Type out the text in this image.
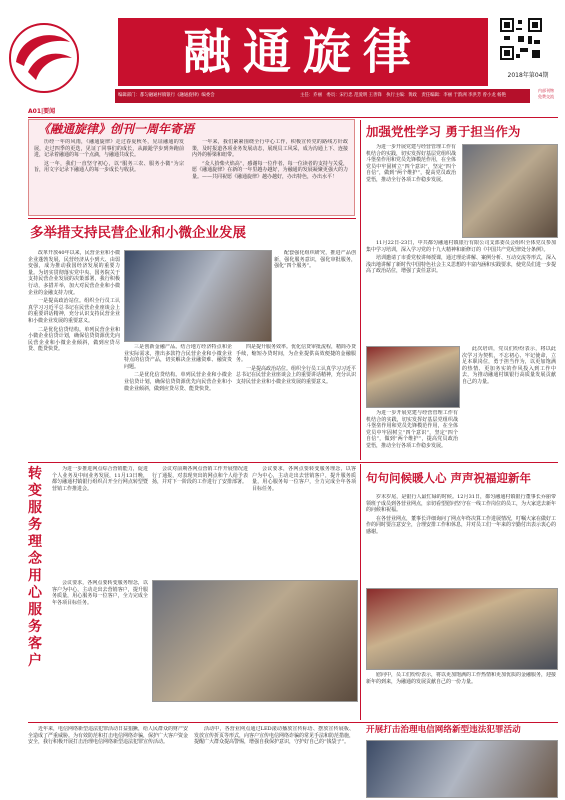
融通旋律	2018年第04期
编辑部门：都匀融通村镇银行《融通旋律》编委会	主任：乔丽　委员：宋行忠 范爱明 王善锋　执行主编：黄政　责任编辑：李丽 于韵洲 李洪芳 曾小龙 杨艳
内部刊物
免费交流
A01|要闻
《融通旋律》创刊一周年寄语

历经一年的风雨，《融通旋律》走过春夏秋冬，见证融通的发展，走过四季的更迭，见证了同事们的成长，从踉跄学步到奔跑前进，记录着融通的每一个点滴，与融通共成长。

这一年，我们一直坚守初心，以“服务三农、服务小微”为宗旨，用文字记录下融通人的每一步成长与收获。

一年来，我们紧紧围绕全行中心工作，积极宣传党的路线方针政策，及时报道各项业务发展动态，展现员工风采，成为沟通上下、连接内外的桥梁和纽带。

“众人拾柴火焰高”，感谢每一位作者、每一位读者的支持与关爱，愿《融通旋律》在新的一年里越办越好，为融通的发展凝聚更强大的力量。——共同祝愿《融通旋律》越办越好，办出特色，办出水平！

加强党性学习 勇于担当作为

为进一步开展党建与经营管理工作有机结合的实践，切实发挥好基层党组织战斗堡垒作用和党员先锋模范作用，在全体党员中牢固树立“四个意识”，坚定“四个自信”，做到“两个维护”，提高党员政治觉悟，推动全行各项工作稳步发展。

11月22日-23日，中共都匀融通村镇银行有限公司支部委员会组织全体党员参加集中学习培训，深入学习党的十九大精神和新修订的《中国共产党纪律处分条例》。

培训邀请了市委党校讲师授课，通过理论讲解、案例分析、互动交流等形式，深入浅出地讲解了新时代中国特色社会主义思想的丰富内涵和实践要求，使党员们进一步提高了政治站位，增强了责任意识。

此次培训，党员们纷纷表示，将以此次学习为契机，不忘初心、牢记使命，立足本职岗位，勇于担当作为，以更加饱满的热情、更加务实的作风投入到工作中去，为推动融通村镇银行高质量发展贡献自己的力量。

为进一步开展党建与经营管理工作有机结合的实践，切实发挥好基层党组织战斗堡垒作用和党员先锋模范作用，在全体党员中牢固树立“四个意识”，坚定“四个自信”，做到“两个维护”，提高党员政治觉悟，推动全行各项工作稳步发展。

多举措支持民营企业和小微企业发展

改革开放40年以来，民营企业和小微企业蓬勃发展，民营经济从小到大、由弱变强，成为推动我国经济发展的重要力量。为切实贯彻落实党中央、国务院关于支持民营企业发展的决策部署，我行积极行动，多措并举，加大对民营企业和小微企业的金融支持力度。

一是提高政治站位。组织全行员工认真学习习近平总书记在民营企业座谈会上的重要讲话精神，充分认识支持民营企业和小微企业发展的重要意义。

二是优化信贷结构。单列民营企业和小微企业信贷计划，确保信贷资源优先向民营企业和小微企业倾斜，做到应贷尽贷、能贷快贷。

配套强化组织研究，推进产品创新，强化服务意识，强化审批服务，强化“四个服务”。

三是创新金融产品。结合地方经济特点和企业实际需求，推出多款符合民营企业和小微企业特点的信贷产品，切实解决企业融资难、融资贵问题。

二是优化信贷结构。单列民营企业和小微企业信贷计划，确保信贷资源优先向民营企业和小微企业倾斜，做到应贷尽贷、能贷快贷。

四是提升服务效率。优化信贷审批流程，精简办贷手续，缩短办贷时间，为企业提供高效便捷的金融服务。

一是提高政治站位。组织全行员工认真学习习近平总书记在民营企业座谈会上的重要讲话精神，充分认识支持民营企业和小微企业发展的重要意义。

转变服务理念 用心服务客户

为进一步推进网点综合营销能力，促进个人业务及中间业务发展，11月13日晚，都匀融通村镇银行组织召开全行网点转型暨营销工作推进会。

会议对前期各网点营销工作开展情况进行了通报，对表现突出的网点和个人给予表扬，并对下一阶段的工作进行了安排部署。

会议要求，各网点要转变服务理念，以客户为中心，主动走出去营销客户，提升服务质量，用心服务每一位客户，全力完成全年各项目标任务。

会议要求，各网点要转变服务理念，以客户为中心，主动走出去营销客户，提升服务质量，用心服务每一位客户，全力完成全年各项目标任务。

句句问候暖人心 声声祝福迎新年

岁末岁尾，是银行人最忙碌的时候。12月31日，都匀融通村镇银行董事长乔丽带领班子成员到各营业网点，亲切看望慰问坚守在一线工作岗位的员工，为大家送去新年的问候和祝福。

在各营业网点，董事长详细询问了网点年终决算工作进展情况，叮嘱大家在做好工作的同时要注意安全，合理安排工作和休息，并对员工们一年来的辛勤付出表示衷心的感谢。

慰问中，员工们纷纷表示，将以更加饱满的工作热情和更加优质的金融服务，迎接新年的到来，为融通的发展贡献自己的一份力量。

开展打击治理电信网络新型违法犯罪活动

近年来，电信网络新型违法犯罪活动日益猖獗，给人民群众的财产安全造成了严重威胁。为有效防范和打击电信网络诈骗，保护广大客户资金安全，我行积极开展打击治理电信网络新型违法犯罪宣传活动。

活动中，各营业网点通过LED滚动播放宣传标语、摆放宣传展板、发放宣传折页等形式，向客户宣传电信网络诈骗的常见手法和防范措施，提醒广大群众提高警惕，增强自我保护意识，守护好自己的“钱袋子”。
